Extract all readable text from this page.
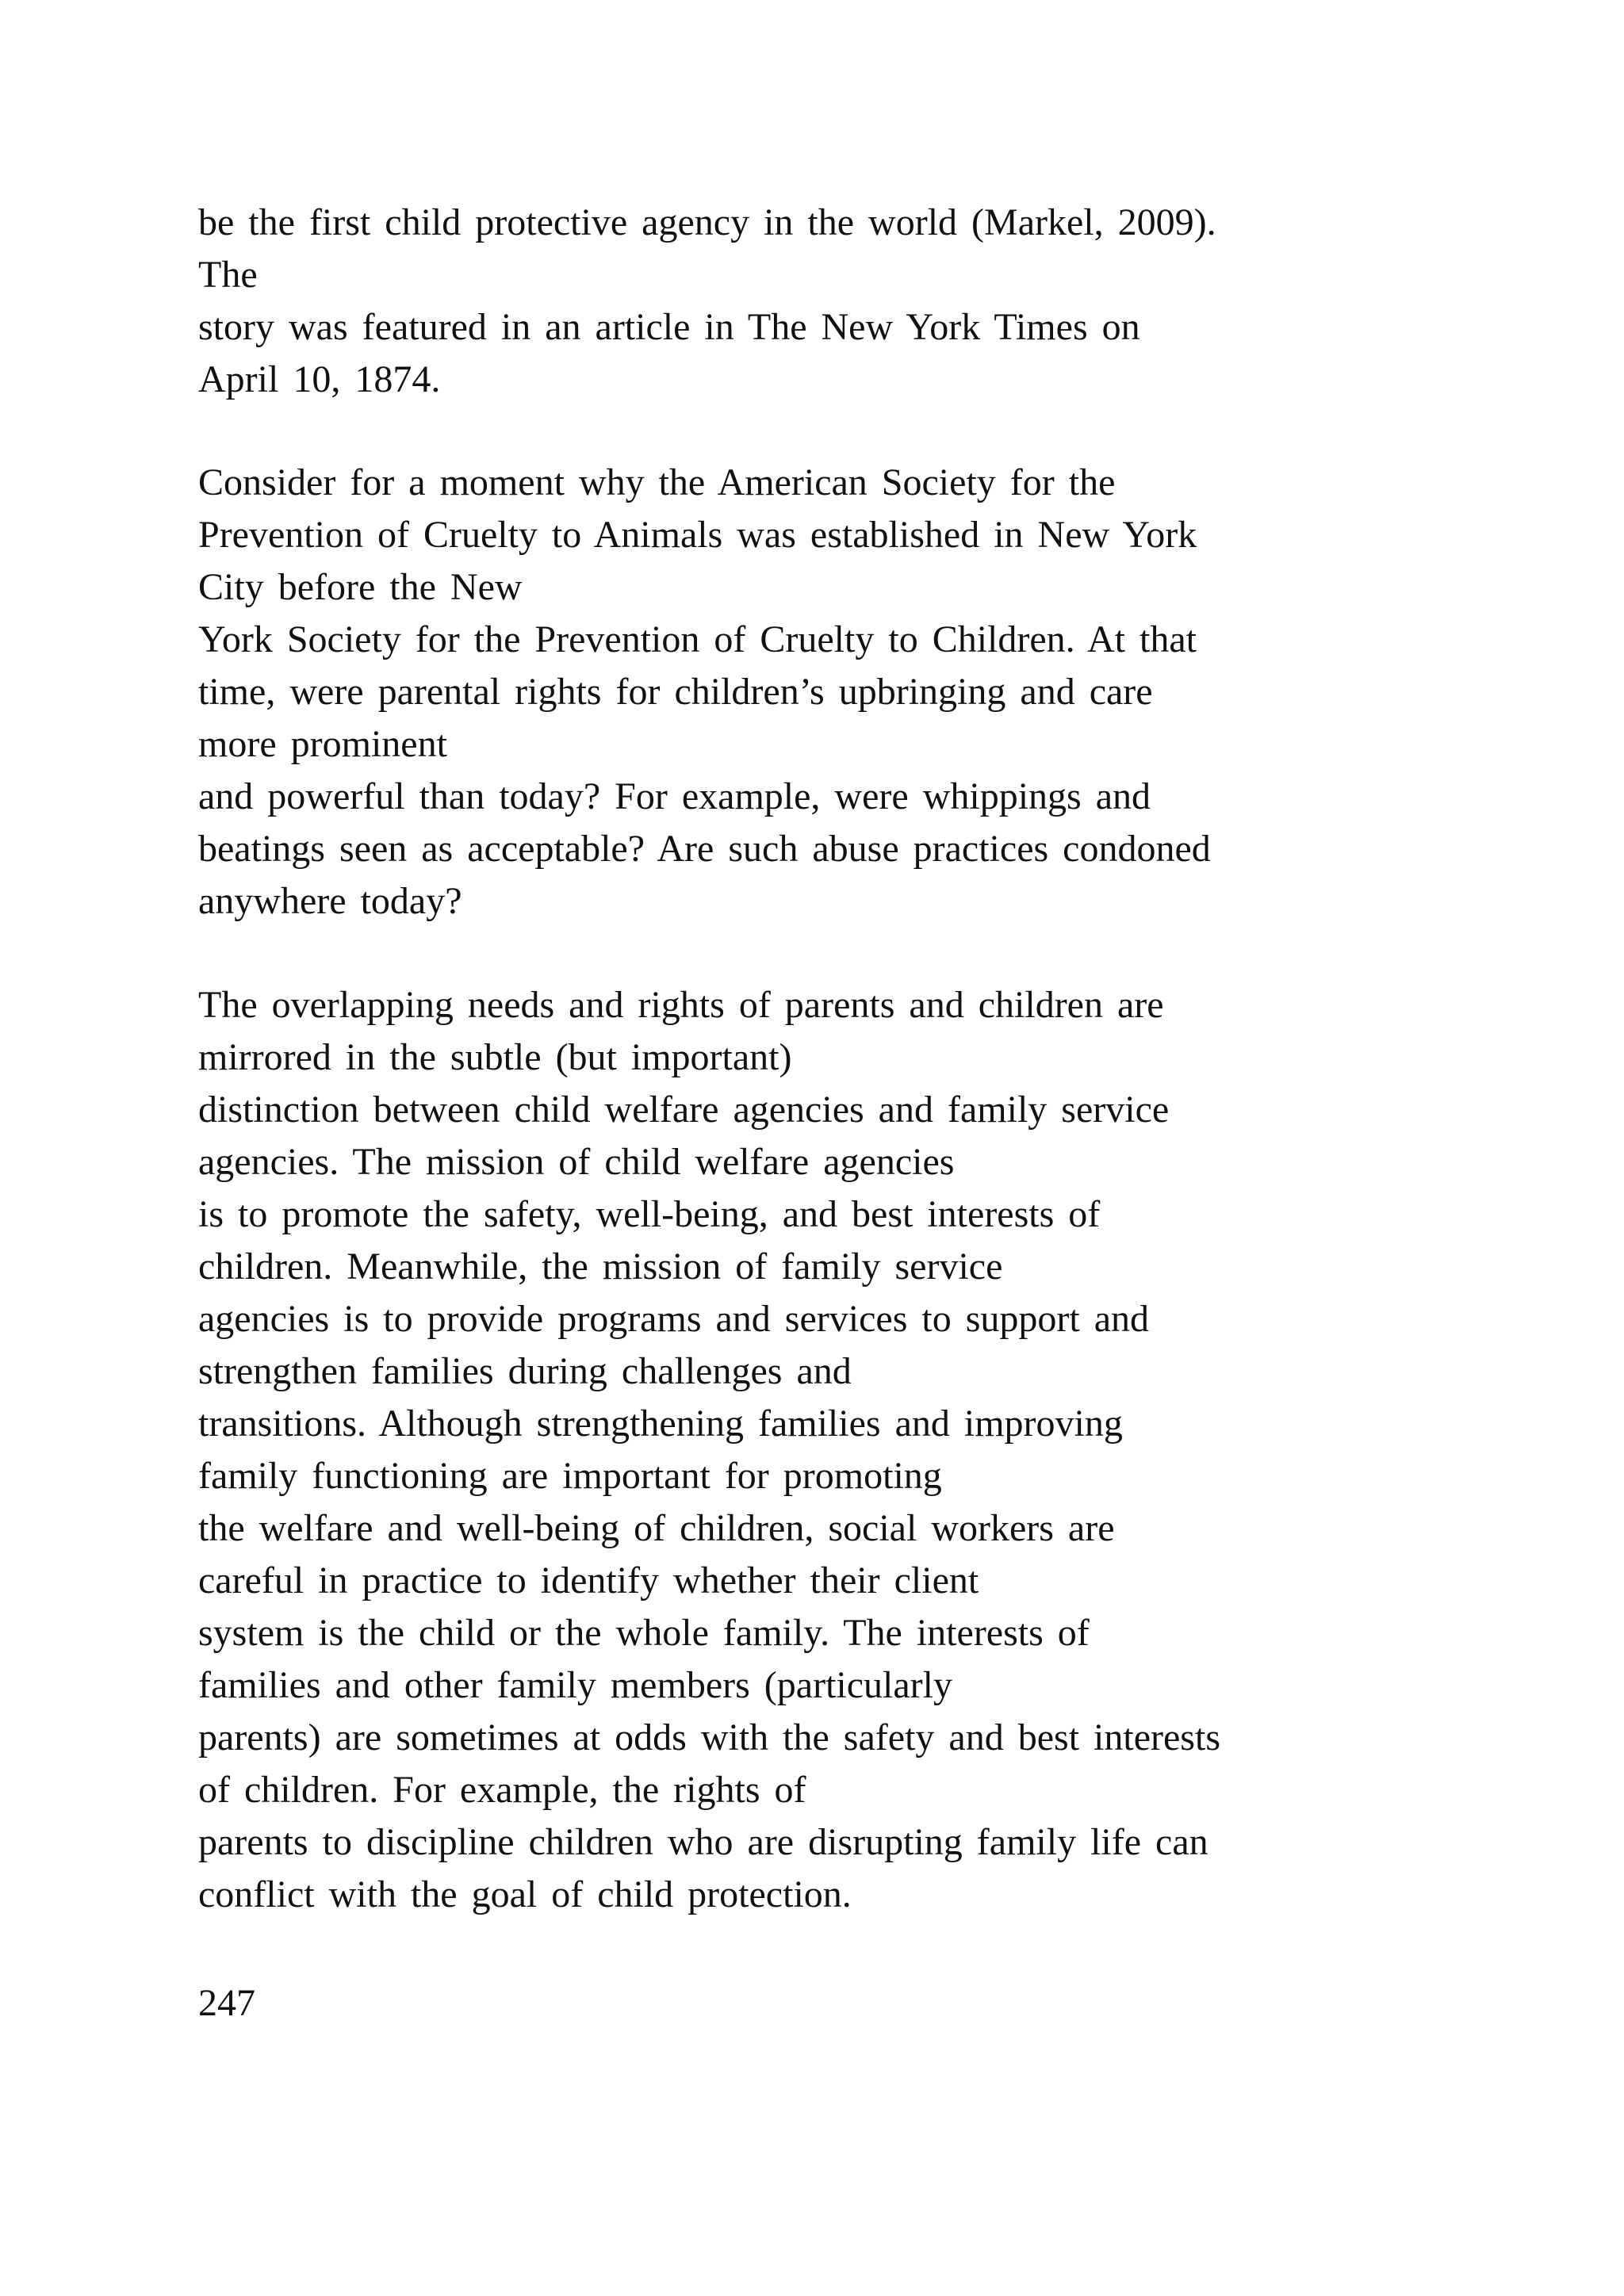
be the first child protective agency in the world (Markel, 2009).
The
story was featured in an article in The New York Times on
April 10, 1874.
Consider for a moment why the American Society for the
Prevention of Cruelty to Animals was established in New York
City before the New
York Society for the Prevention of Cruelty to Children. At that
time, were parental rights for children’s upbringing and care
more prominent
and powerful than today? For example, were whippings and
beatings seen as acceptable? Are such abuse practices condoned
anywhere today?
The overlapping needs and rights of parents and children are
mirrored in the subtle (but important)
distinction between child welfare agencies and family service
agencies. The mission of child welfare agencies
is to promote the safety, well-being, and best interests of
children. Meanwhile, the mission of family service
agencies is to provide programs and services to support and
strengthen families during challenges and
transitions. Although strengthening families and improving
family functioning are important for promoting
the welfare and well-being of children, social workers are
careful in practice to identify whether their client
system is the child or the whole family. The interests of
families and other family members (particularly
parents) are sometimes at odds with the safety and best interests
of children. For example, the rights of
parents to discipline children who are disrupting family life can
conflict with the goal of child protection.
247
